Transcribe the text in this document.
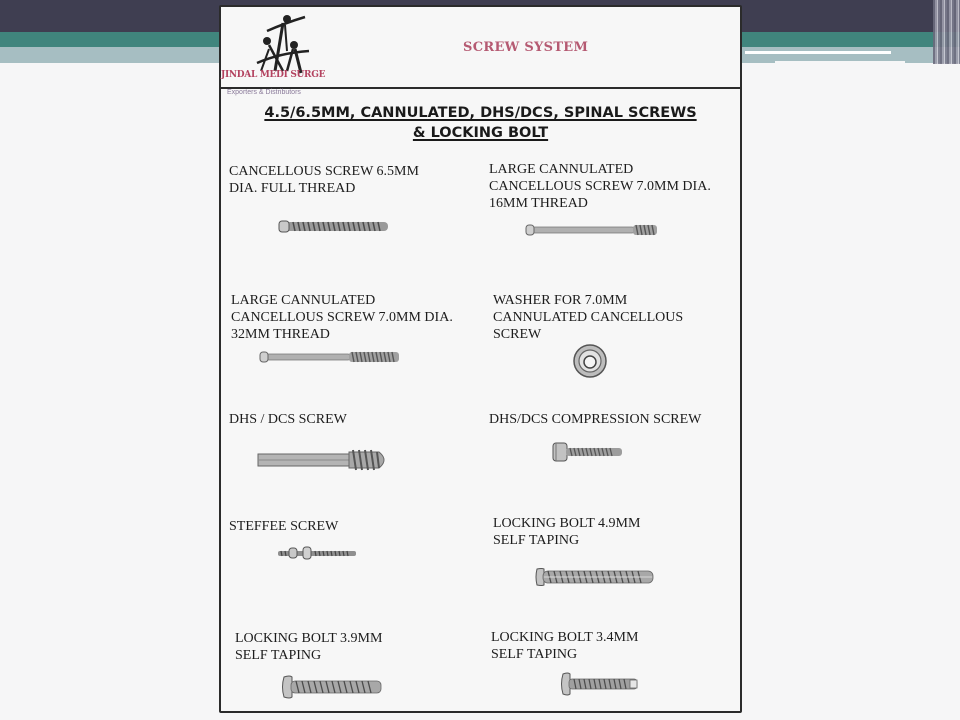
JINDAL MEDI SURGE
SCREW SYSTEM
Exporters & Distributors
4.5/6.5MM, CANNULATED, DHS/DCS, SPINAL SCREWS
& LOCKING BOLT
CANCELLOUS SCREW 6.5MM
DIA. FULL THREAD
LARGE CANNULATED
CANCELLOUS SCREW 7.0MM DIA.
16MM THREAD
LARGE CANNULATED
CANCELLOUS SCREW 7.0MM DIA.
32MM THREAD
WASHER FOR 7.0MM
CANNULATED CANCELLOUS
SCREW
DHS / DCS SCREW	DHS/DCS COMPRESSION SCREW
STEFFEE SCREW	LOCKING BOLT 4.9MM
SELF TAPING
LOCKING BOLT 3.9MM
SELF TAPING
LOCKING BOLT 3.4MM
SELF TAPING
